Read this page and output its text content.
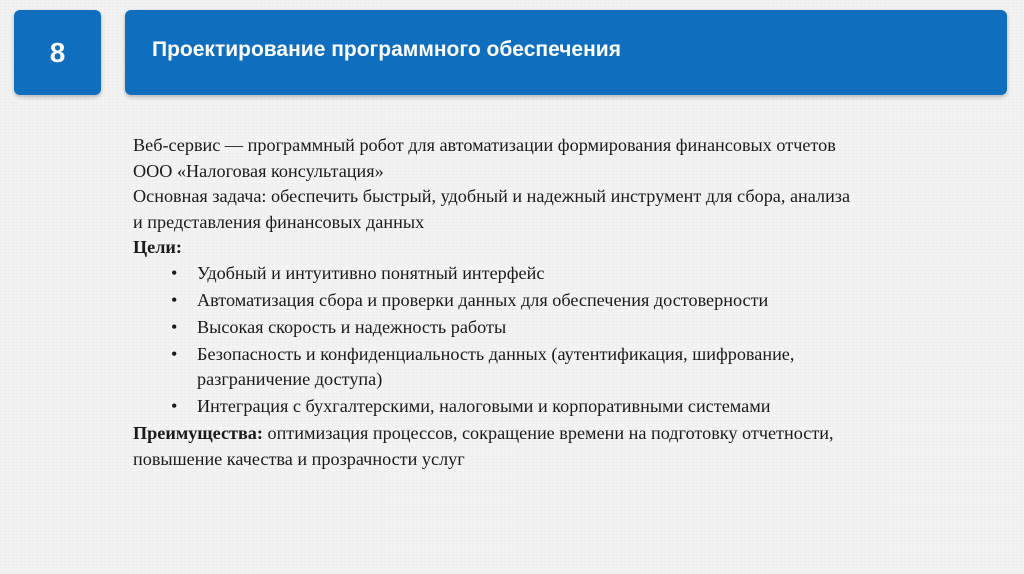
8	Проектирование программного обеспечения

Веб-сервис — программный робот для автоматизации формирования финансовых отчетов

ООО «Налоговая консультация»

Основная задача: обеспечить быстрый, удобный и надежный инструмент для сбора, анализа

и представления финансовых данных

Цели:

• Удобный и интуитивно понятный интерфейс
• Автоматизация сбора и проверки данных для обеспечения достоверности
• Высокая скорость и надежность работы
• Безопасность и конфиденциальность данных (аутентификация, шифрование,
разграничение доступа)
• Интеграция с бухгалтерскими, налоговыми и корпоративными системами

Преимущества: оптимизация процессов, сокращение времени на подготовку отчетности,

повышение качества и прозрачности услуг
